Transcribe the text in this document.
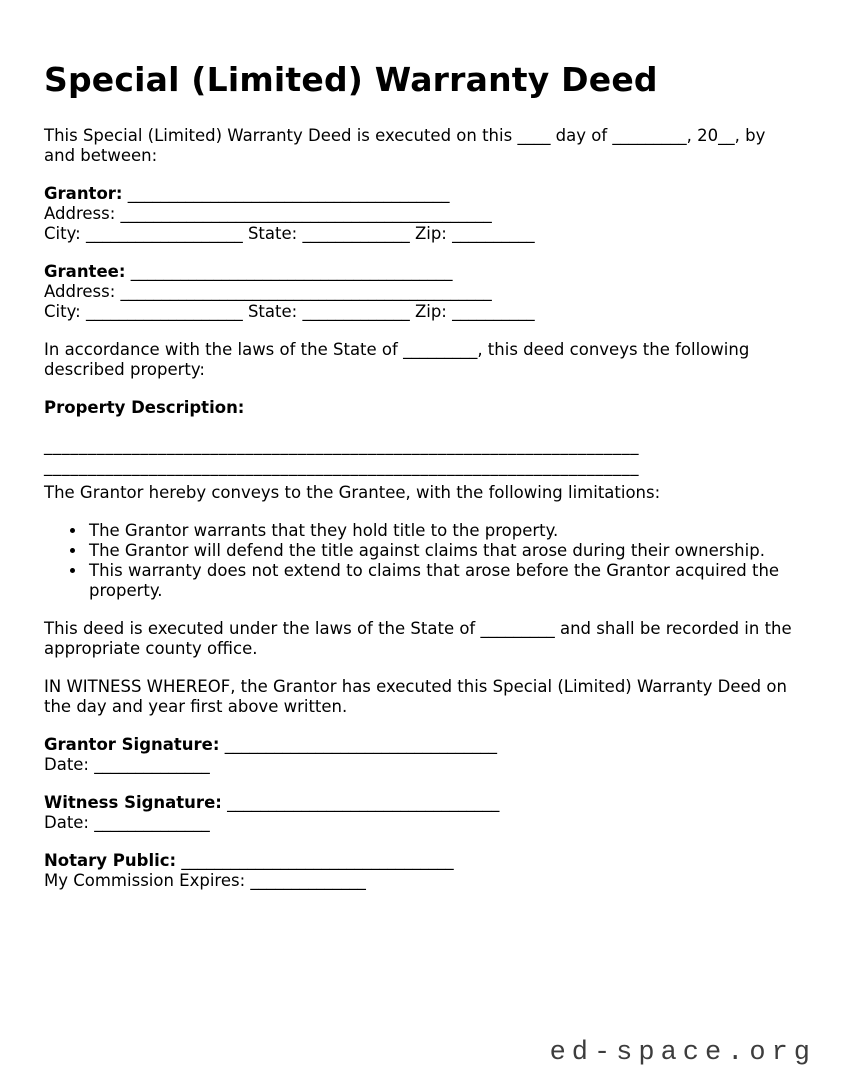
Special (Limited) Warranty Deed

This Special (Limited) Warranty Deed is executed on this ____ day of _________, 20__, by and between:

Grantor: _______________________________________
Address: _____________________________________________
City: ___________________ State: _____________ Zip: __________
Grantee: _______________________________________
Address: _____________________________________________
City: ___________________ State: _____________ Zip: __________

In accordance with the laws of the State of _________, this deed conveys the following described property:

Property Description:
____________________________________________________________________
____________________________________________________________________

The Grantor hereby conveys to the Grantee, with the following limitations:

• The Grantor warrants that they hold title to the property.
• The Grantor will defend the title against claims that arose during their ownership.
• This warranty does not extend to claims that arose before the Grantor acquired the property.

This deed is executed under the laws of the State of _________ and shall be recorded in the appropriate county office.

IN WITNESS WHEREOF, the Grantor has executed this Special (Limited) Warranty Deed on the day and year first above written.

Grantor Signature: _________________________________
Date: ______________
Witness Signature: _________________________________
Date: ______________
Notary Public: _________________________________
My Commission Expires: ______________
ed-space.org
